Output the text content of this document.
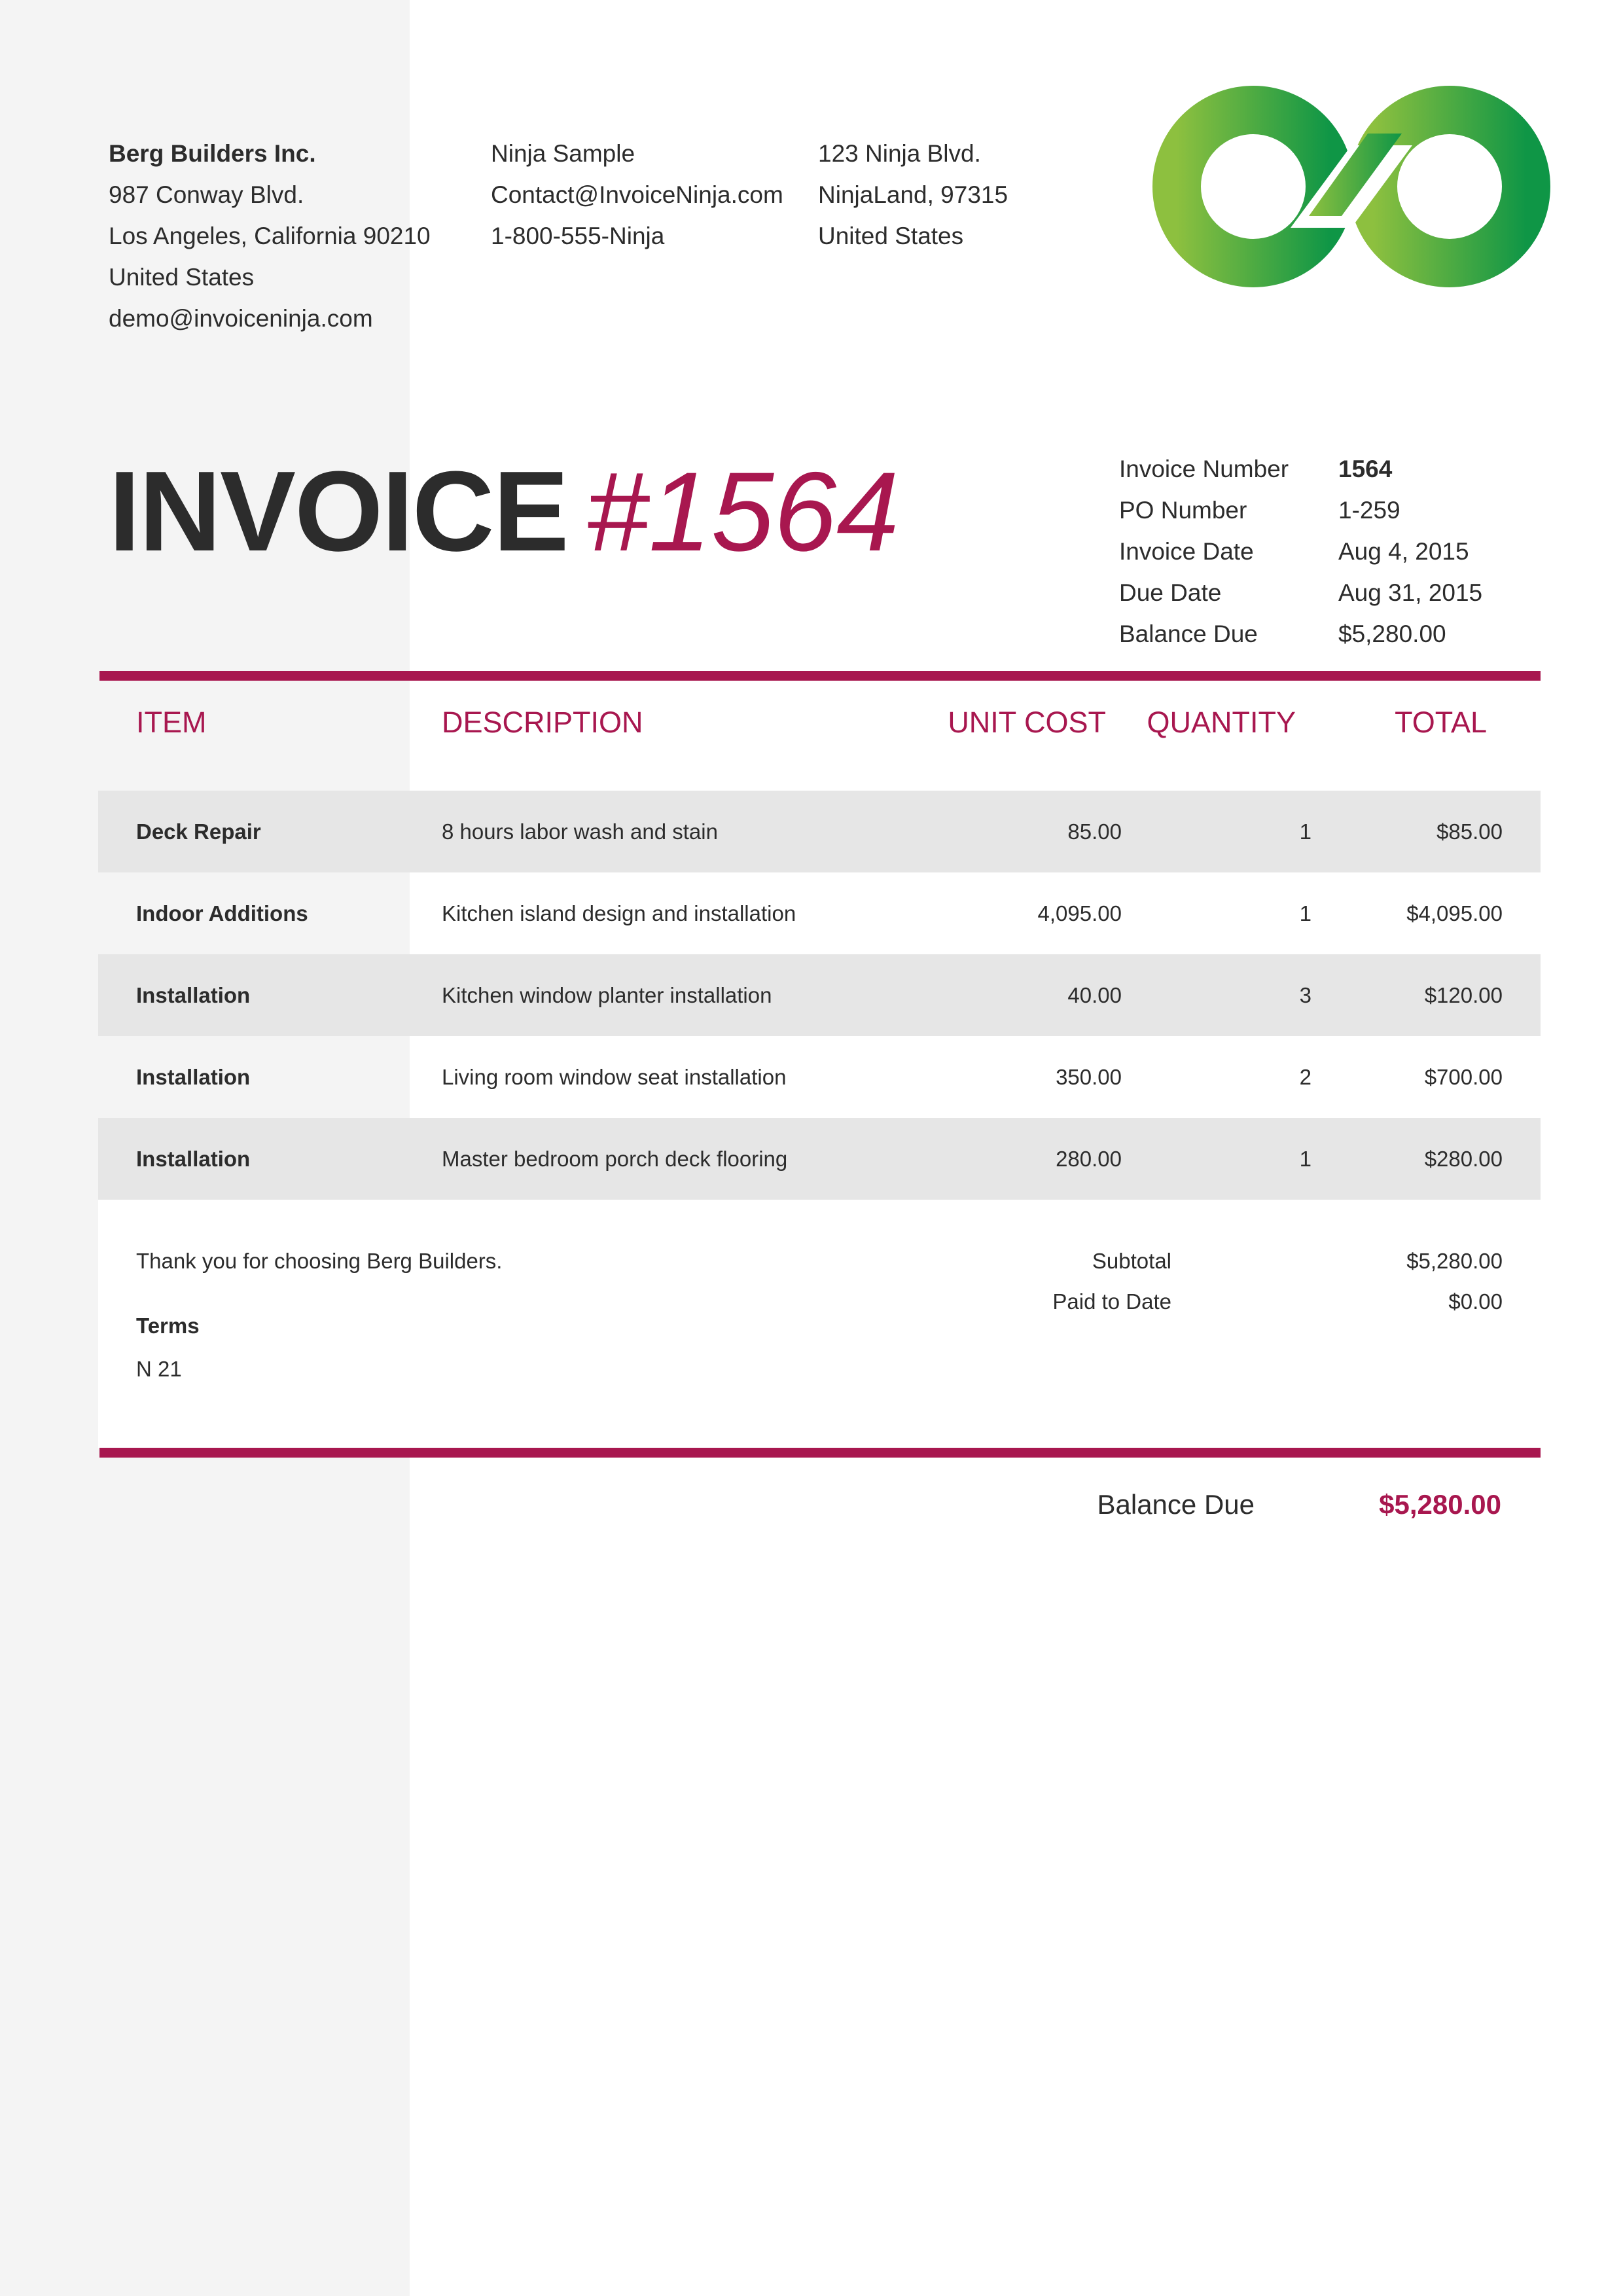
Berg Builders Inc.
987 Conway Blvd.
Los Angeles, California 90210
United States
demo@invoiceninja.com
Ninja Sample
Contact@InvoiceNinja.com
1-800-555-Ninja
123 Ninja Blvd.
NinjaLand, 97315
United States
INVOICE #1564	Invoice Number	1564
PO Number	1-259
Invoice Date	Aug 4, 2015
Due Date	Aug 31, 2015
Balance Due	$5,280.00
ITEM	DESCRIPTION	UNIT COST QUANTITY	TOTAL
Deck Repair	8 hours labor wash and stain	85.00	1	$85.00
Indoor Additions	Kitchen island design and installation	4,095.00	1	$4,095.00
Installation	Kitchen window planter installation	40.00	3	$120.00
Installation	Living room window seat installation	350.00	2	$700.00
Installation	Master bedroom porch deck flooring	280.00	1	$280.00
Thank you for choosing Berg Builders.
Terms
N 21
Subtotal	$5,280.00
Paid to Date	$0.00
Balance Due	$5,280.00
